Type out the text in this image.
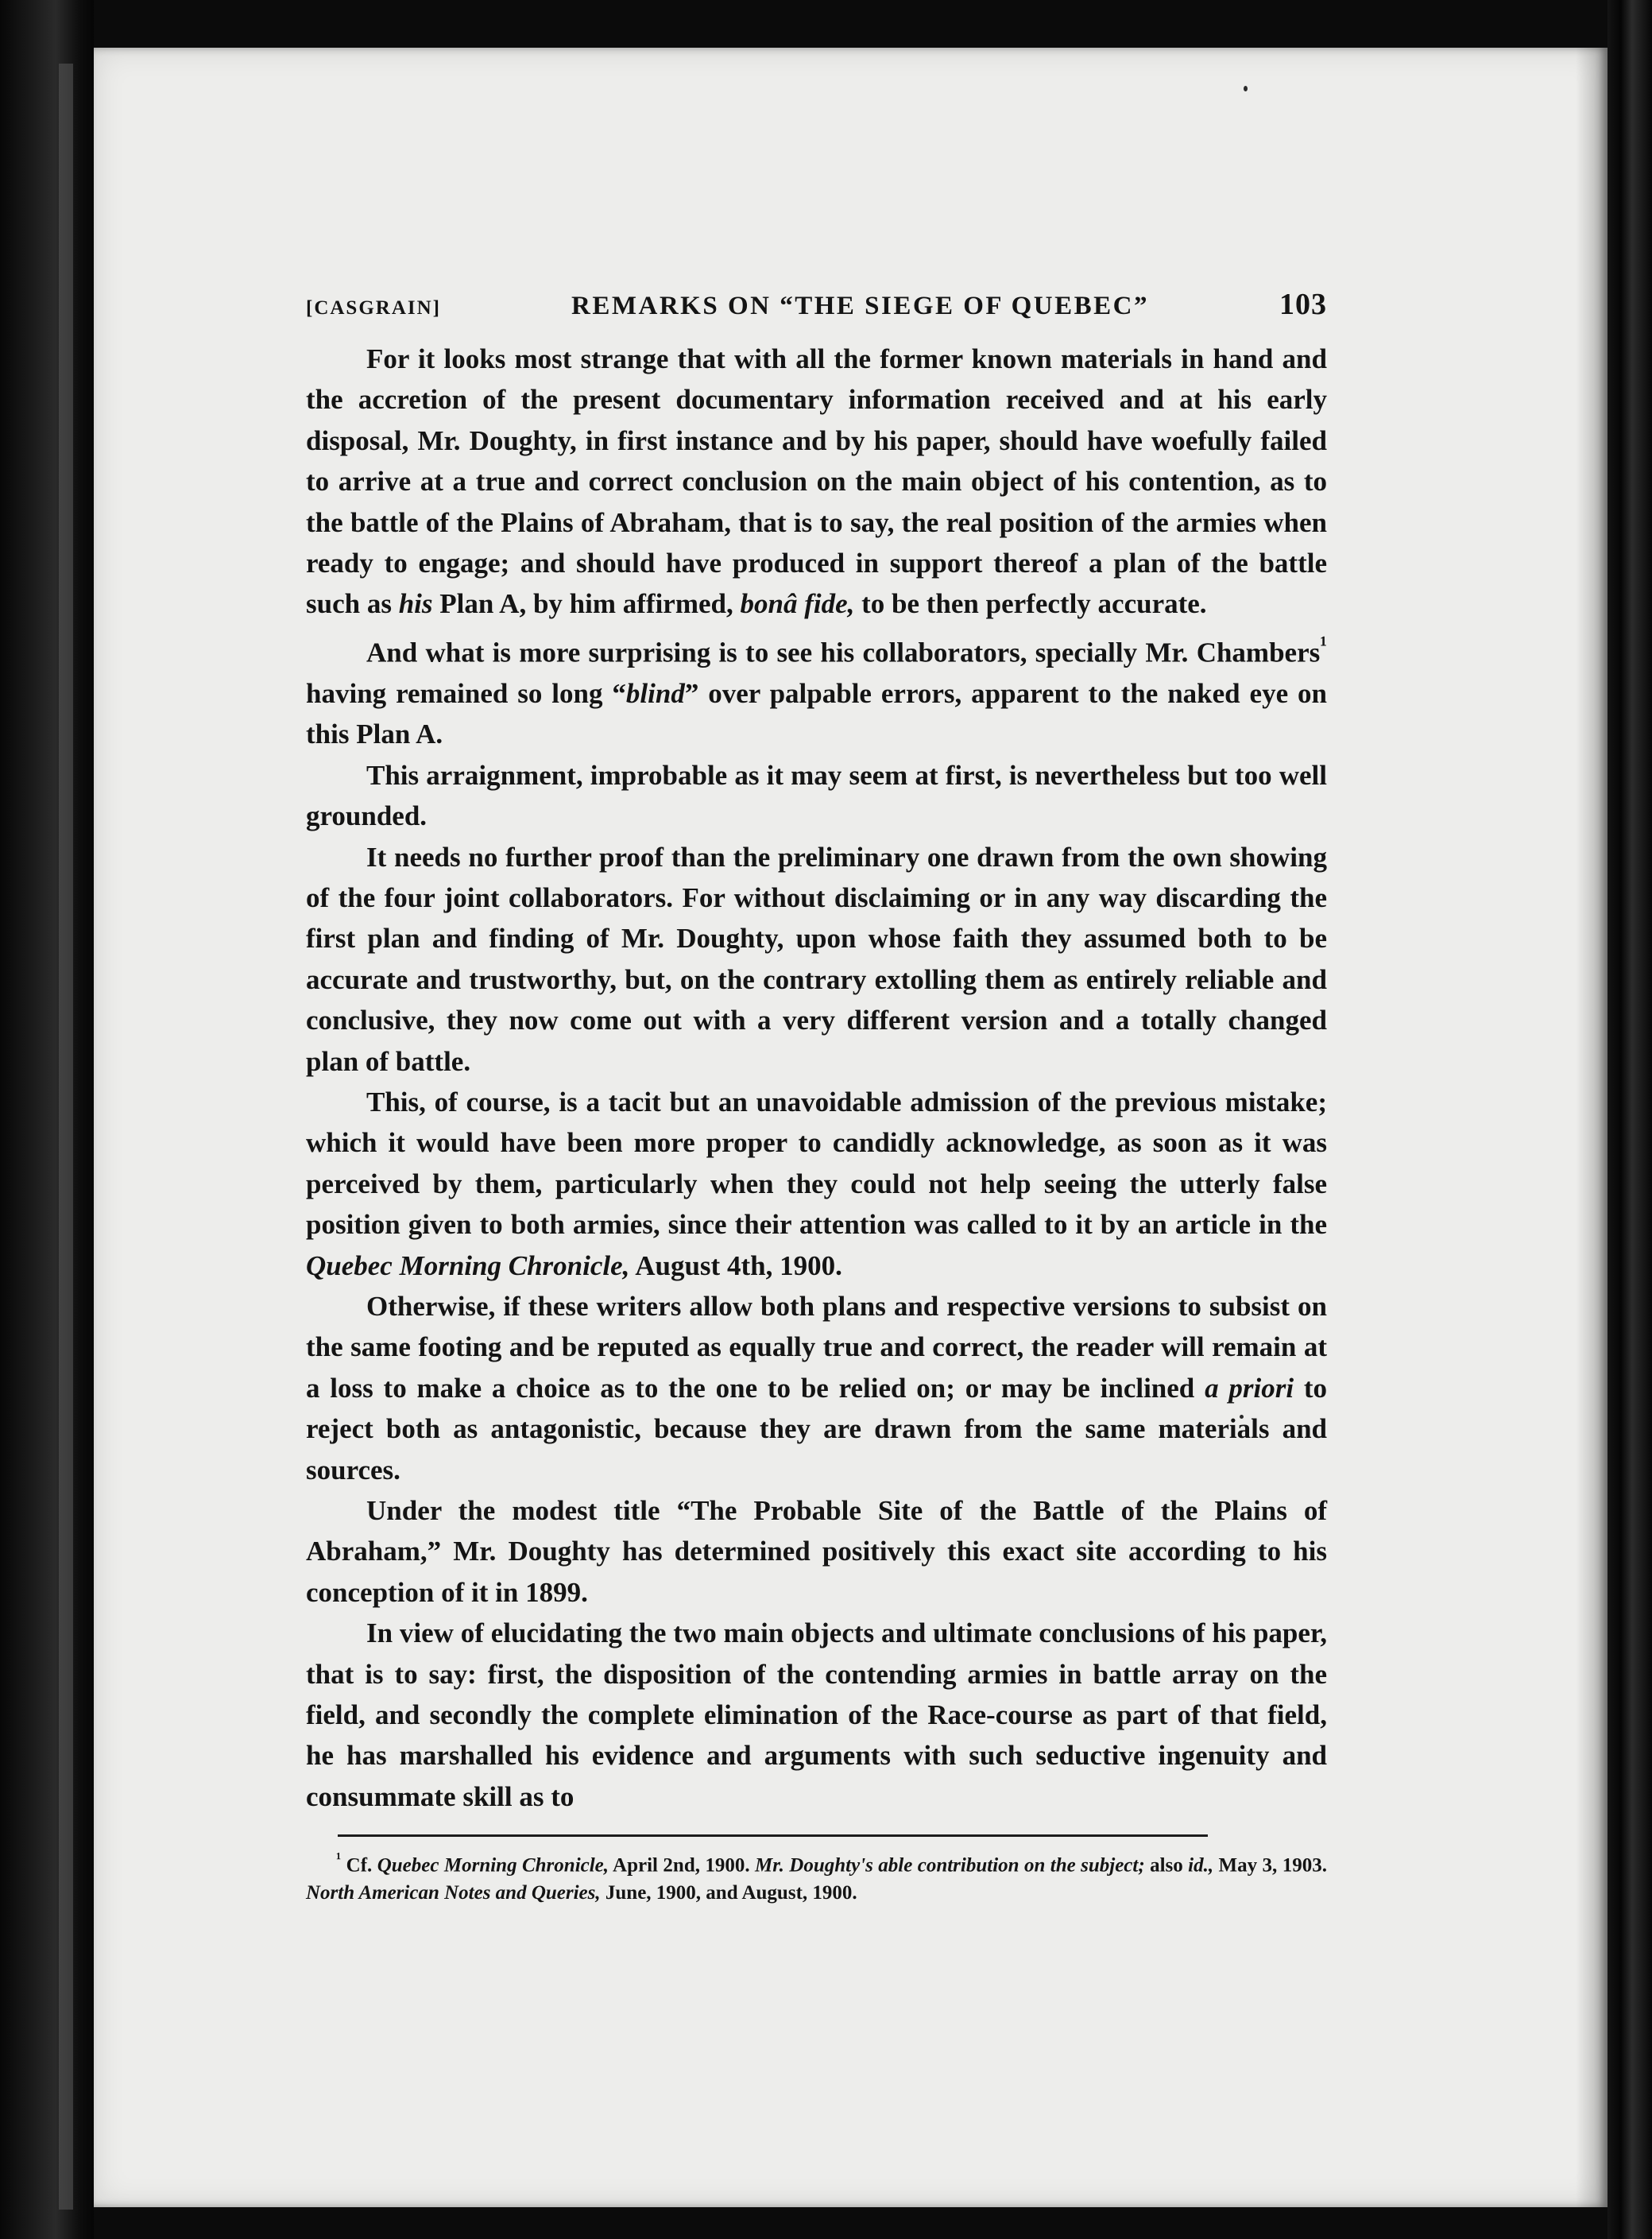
[CASGRAIN]	REMARKS ON “THE SIEGE OF QUEBEC”	103

For it looks most strange that with all the former known materials in hand and the accretion of the present documentary information received and at his early disposal, Mr. Doughty, in first instance and by his paper, should have woefully failed to arrive at a true and correct conclusion on the main object of his contention, as to the battle of the Plains of Abraham, that is to say, the real position of the armies when ready to engage; and should have produced in support thereof a plan of the battle such as his Plan A, by him affirmed, bonâ fide, to be then perfectly accurate.

And what is more surprising is to see his collaborators, specially Mr. Chambers$^{^1}$ having remained so long “blind” over palpable errors, apparent to the naked eye on this Plan A.

This arraignment, improbable as it may seem at first, is nevertheless but too well grounded.

It needs no further proof than the preliminary one drawn from the own showing of the four joint collaborators. For without disclaiming or in any way discarding the first plan and finding of Mr. Doughty, upon whose faith they assumed both to be accurate and trustworthy, but, on the contrary extolling them as entirely reliable and conclusive, they now come out with a very different version and a totally changed plan of battle.

This, of course, is a tacit but an unavoidable admission of the previous mistake; which it would have been more proper to candidly acknowledge, as soon as it was perceived by them, particularly when they could not help seeing the utterly false position given to both armies, since their attention was called to it by an article in the Quebec Morning Chronicle, August 4th, 1900.

Otherwise, if these writers allow both plans and respective versions to subsist on the same footing and be reputed as equally true and correct, the reader will remain at a loss to make a choice as to the one to be relied on; or may be inclined a priori to reject both as antagonistic, because they are drawn from the same materials and sources.

Under the modest title “The Probable Site of the Battle of the Plains of Abraham,” Mr. Doughty has determined positively this exact site according to his conception of it in 1899.

In view of elucidating the two main objects and ultimate conclusions of his paper, that is to say: first, the disposition of the contending armies in battle array on the field, and secondly the complete elimination of the Race-course as part of that field, he has marshalled his evidence and arguments with such seductive ingenuity and consummate skill as to

$^{^1}$ Cf. Quebec Morning Chronicle, April 2nd, 1900. Mr. Doughty's able contribution on the subject; also id., May 3, 1903. North American Notes and Queries, June, 1900, and August, 1900.
